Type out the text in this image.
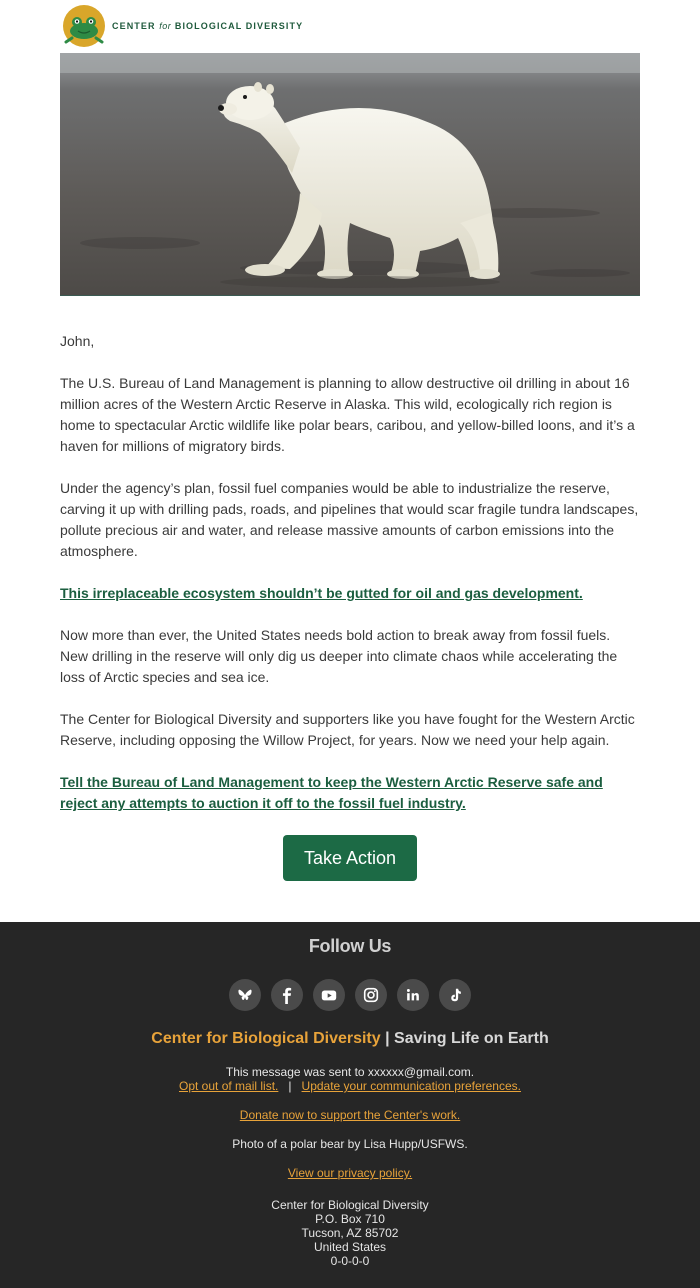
CENTER for BIOLOGICAL DIVERSITY

John,

The U.S. Bureau of Land Management is planning to allow destructive oil drilling in about 16 million acres of the Western Arctic Reserve in Alaska. This wild, ecologically rich region is home to spectacular Arctic wildlife like polar bears, caribou, and yellow-billed loons, and it’s a haven for millions of migratory birds.

Under the agency’s plan, fossil fuel companies would be able to industrialize the reserve, carving it up with drilling pads, roads, and pipelines that would scar fragile tundra landscapes, pollute precious air and water, and release massive amounts of carbon emissions into the atmosphere.

This irreplaceable ecosystem shouldn’t be gutted for oil and gas development.

Now more than ever, the United States needs bold action to break away from fossil fuels. New drilling in the reserve will only dig us deeper into climate chaos while accelerating the loss of Arctic species and sea ice.

The Center for Biological Diversity and supporters like you have fought for the Western Arctic Reserve, including opposing the Willow Project, for years. Now we need your help again.

Tell the Bureau of Land Management to keep the Western Arctic Reserve safe and reject any attempts to auction it off to the fossil fuel industry.

Take Action
Follow Us
Center for Biological Diversity | Saving Life on Earth
This message was sent to xxxxxx@gmail.com.
Opt out of mail list. | Update your communication preferences.
Donate now to support the Center's work.
Photo of a polar bear by Lisa Hupp/USFWS.
View our privacy policy.
Center for Biological Diversity
P.O. Box 710
Tucson, AZ 85702
United States
0-0-0-0
